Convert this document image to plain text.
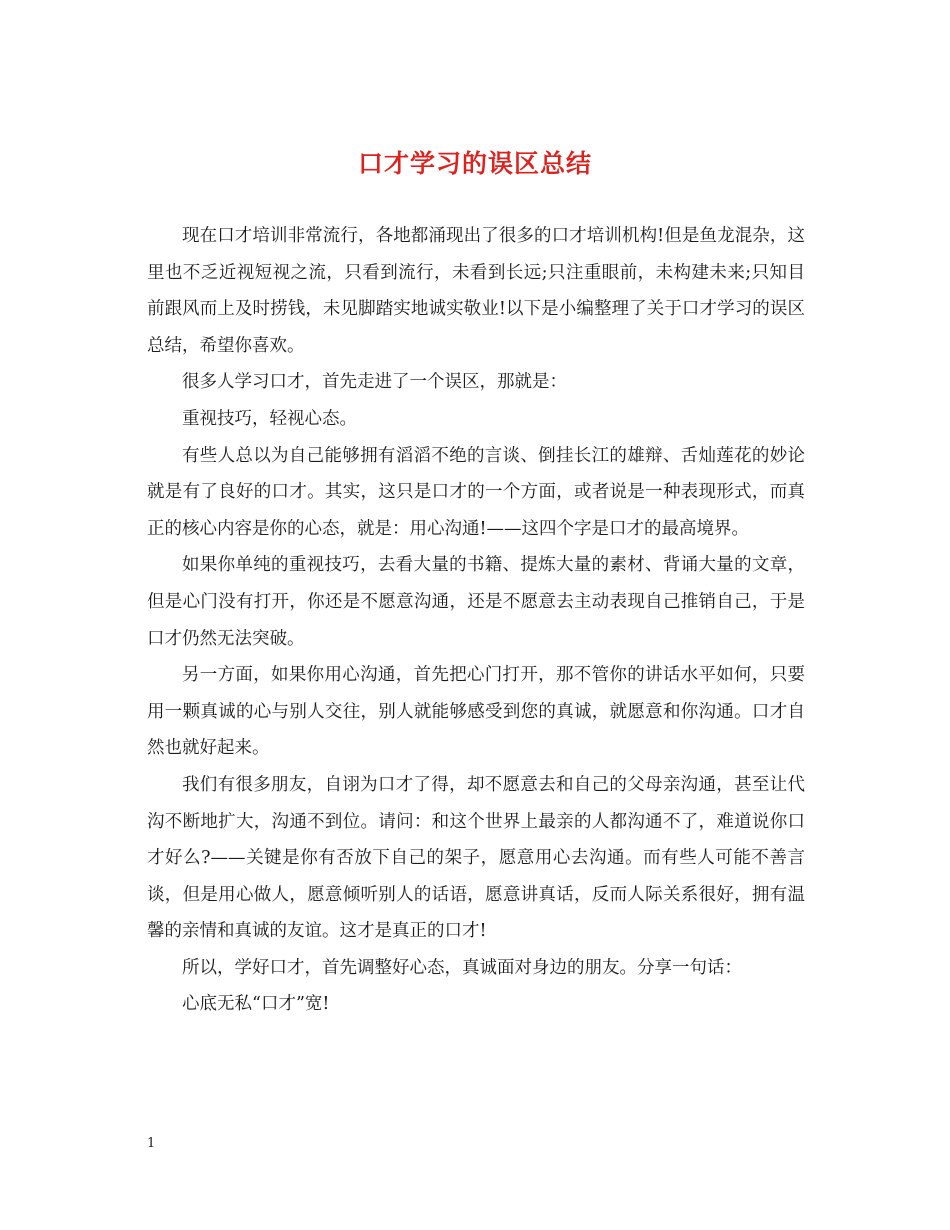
口才学习的误区总结

现在口才培训非常流行，各地都涌现出了很多的口才培训机构!但是鱼龙混杂，这里也不乏近视短视之流，只看到流行，未看到长远;只注重眼前，未构建未来;只知目前跟风而上及时捞钱，未见脚踏实地诚实敬业!以下是小编整理了关于口才学习的误区总结，希望你喜欢。

很多人学习口才，首先走进了一个误区，那就是：

重视技巧，轻视心态。

有些人总以为自己能够拥有滔滔不绝的言谈、倒挂长江的雄辩、舌灿莲花的妙论就是有了良好的口才。其实，这只是口才的一个方面，或者说是一种表现形式，而真正的核心内容是你的心态，就是：用心沟通!——这四个字是口才的最高境界。

如果你单纯的重视技巧，去看大量的书籍、提炼大量的素材、背诵大量的文章，但是心门没有打开，你还是不愿意沟通，还是不愿意去主动表现自己推销自己，于是口才仍然无法突破。

另一方面，如果你用心沟通，首先把心门打开，那不管你的讲话水平如何，只要用一颗真诚的心与别人交往，别人就能够感受到您的真诚，就愿意和你沟通。口才自然也就好起来。

我们有很多朋友，自诩为口才了得，却不愿意去和自己的父母亲沟通，甚至让代沟不断地扩大，沟通不到位。请问：和这个世界上最亲的人都沟通不了，难道说你口才好么?——关键是你有否放下自己的架子，愿意用心去沟通。而有些人可能不善言谈，但是用心做人，愿意倾听别人的话语，愿意讲真话，反而人际关系很好，拥有温馨的亲情和真诚的友谊。这才是真正的口才!

所以，学好口才，首先调整好心态，真诚面对身边的朋友。分享一句话：

心底无私“口才”宽!

1
